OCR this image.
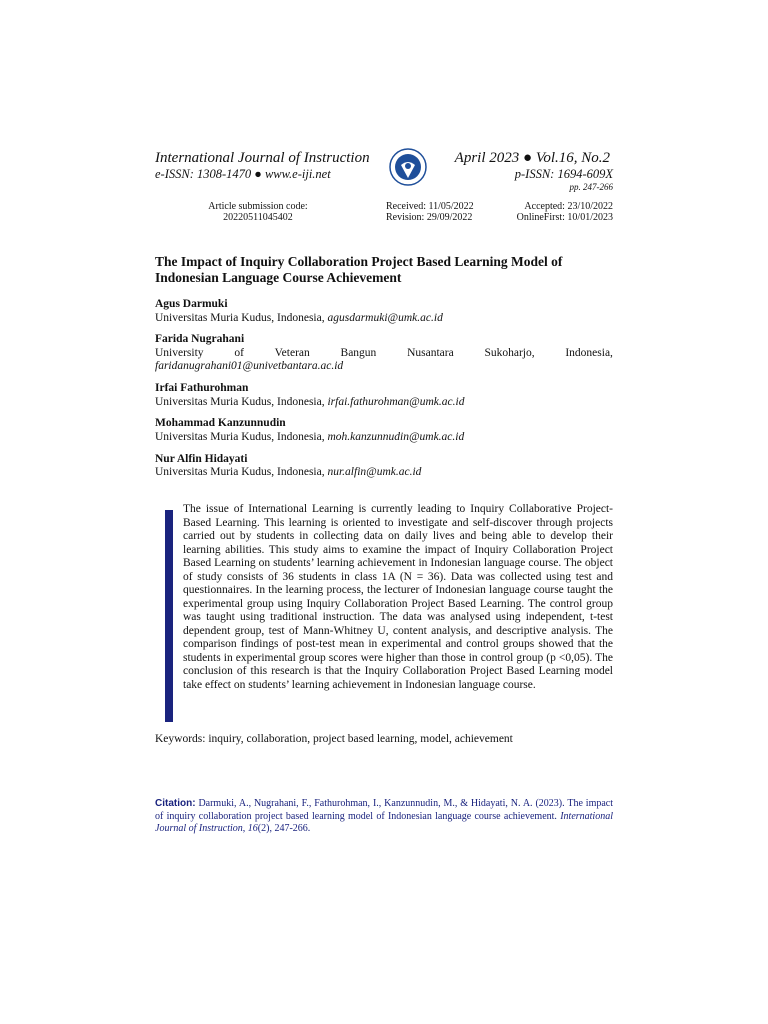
International Journal of Instruction
e-ISSN: 1308-1470 ● www.e-iji.net
April 2023 ● Vol.16, No.2
p-ISSN: 1694-609X
pp. 247-266
Article submission code:
20220511045402
Received: 11/05/2022
Revision: 29/09/2022
Accepted: 23/10/2022
OnlineFirst: 10/01/2023
The Impact of Inquiry Collaboration Project Based Learning Model of Indonesian Language Course Achievement
Agus Darmuki
Universitas Muria Kudus, Indonesia, agusdarmuki@umk.ac.id
Farida Nugrahani
University	of	Veteran	Bangun	Nusantara	Sukoharjo,	Indonesia,
faridanugrahani01@univetbantara.ac.id
Irfai Fathurohman
Universitas Muria Kudus, Indonesia, irfai.fathurohman@umk.ac.id
Mohammad Kanzunnudin
Universitas Muria Kudus, Indonesia, moh.kanzunnudin@umk.ac.id
Nur Alfin Hidayati
Universitas Muria Kudus, Indonesia, nur.alfin@umk.ac.id
The issue of International Learning is currently leading to Inquiry Collaborative Project-Based Learning. This learning is oriented to investigate and self-discover through projects carried out by students in collecting data on daily lives and being able to develop their learning abilities. This study aims to examine the impact of Inquiry Collaboration Project Based Learning on students’ learning achievement in Indonesian language course. The object of study consists of 36 students in class 1A (N = 36). Data was collected using test and questionnaires. In the learning process, the lecturer of Indonesian language course taught the experimental group using Inquiry Collaboration Project Based Learning. The control group was taught using traditional instruction. The data was analysed using independent, t-test dependent group, test of Mann-Whitney U, content analysis, and descriptive analysis. The comparison findings of post-test mean in experimental and control groups showed that the students in experimental group scores were higher than those in control group (p <0,05). The conclusion of this research is that the Inquiry Collaboration Project Based Learning model take effect on students’ learning achievement in Indonesian language course.
Keywords: inquiry, collaboration, project based learning, model, achievement
Citation: Darmuki, A., Nugrahani, F., Fathurohman, I., Kanzunnudin, M., & Hidayati, N. A. (2023). The impact of inquiry collaboration project based learning model of Indonesian language course achievement. International Journal of Instruction, 16(2), 247-266.
